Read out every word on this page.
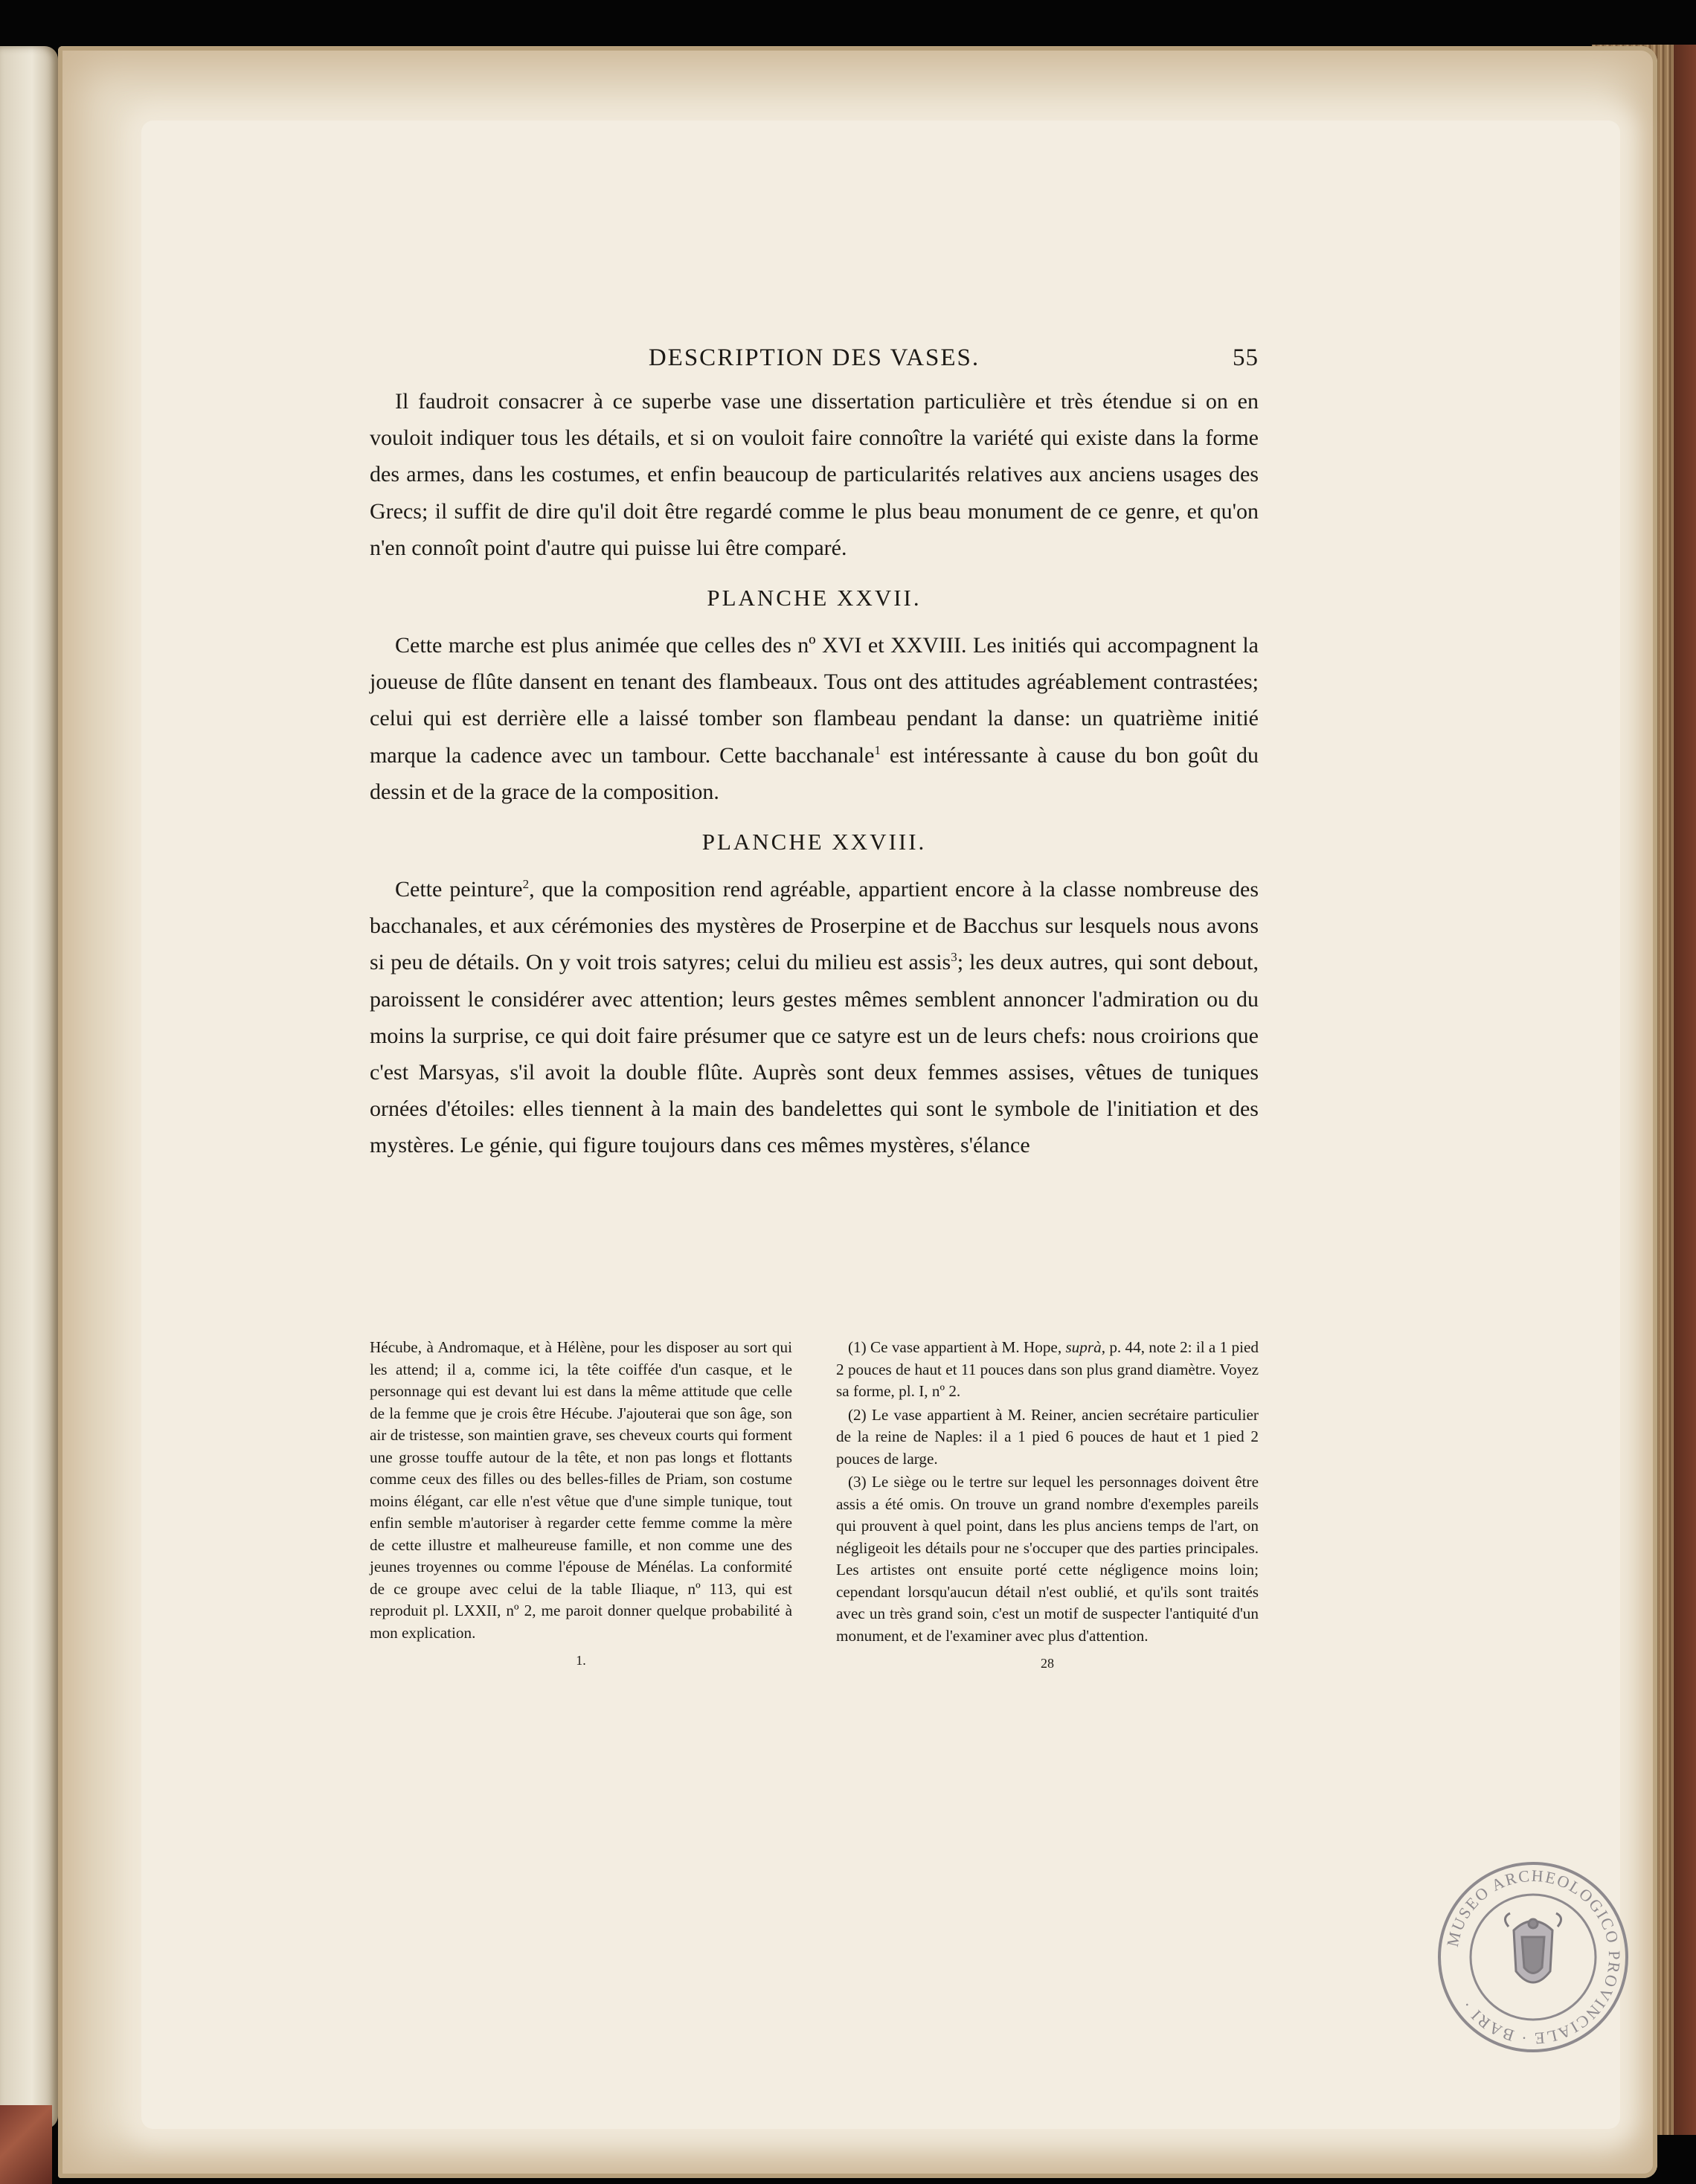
DESCRIPTION DES VASES.	55

Il faudroit consacrer à ce superbe vase une dissertation particulière et très étendue si on en vouloit indiquer tous les détails, et si on vouloit faire connoître la variété qui existe dans la forme des armes, dans les costumes, et enfin beaucoup de particularités relatives aux anciens usages des Grecs; il suffit de dire qu'il doit être regardé comme le plus beau monument de ce genre, et qu'on n'en connoît point d'autre qui puisse lui être comparé.

PLANCHE XXVII.

Cette marche est plus animée que celles des nº XVI et XXVIII. Les initiés qui accompagnent la joueuse de flûte dansent en tenant des flambeaux. Tous ont des attitudes agréablement contrastées; celui qui est derrière elle a laissé tomber son flambeau pendant la danse: un quatrième initié marque la cadence avec un tambour. Cette bacchanale$^1$ est intéressante à cause du bon goût du dessin et de la grace de la composition.

PLANCHE XXVIII.

Cette peinture$^2$, que la composition rend agréable, appartient encore à la classe nombreuse des bacchanales, et aux cérémonies des mystères de Proserpine et de Bacchus sur lesquels nous avons si peu de détails. On y voit trois satyres; celui du milieu est assis$^3$; les deux autres, qui sont debout, paroissent le considérer avec attention; leurs gestes mêmes semblent annoncer l'admiration ou du moins la surprise, ce qui doit faire présumer que ce satyre est un de leurs chefs: nous croirions que c'est Marsyas, s'il avoit la double flûte. Auprès sont deux femmes assises, vêtues de tuniques ornées d'étoiles: elles tiennent à la main des bandelettes qui sont le symbole de l'initiation et des mystères. Le génie, qui figure toujours dans ces mêmes mystères, s'élance

Hécube, à Andromaque, et à Hélène, pour les disposer au sort qui les attend; il a, comme ici, la tête coiffée d'un casque, et le personnage qui est devant lui est dans la même attitude que celle de la femme que je crois être Hécube. J'ajouterai que son âge, son air de tristesse, son maintien grave, ses cheveux courts qui forment une grosse touffe autour de la tête, et non pas longs et flottants comme ceux des filles ou des belles-filles de Priam, son costume moins élégant, car elle n'est vêtue que d'une simple tunique, tout enfin semble m'autoriser à regarder cette femme comme la mère de cette illustre et malheureuse famille, et non comme une des jeunes troyennes ou comme l'épouse de Ménélas. La conformité de ce groupe avec celui de la table Iliaque, nº 113, qui est reproduit pl. LXXII, nº 2, me paroit donner quelque probabilité à mon explication.

1.

(1) Ce vase appartient à M. Hope, suprà, p. 44, note 2: il a 1 pied 2 pouces de haut et 11 pouces dans son plus grand diamètre. Voyez sa forme, pl. I, nº 2.

(2) Le vase appartient à M. Reiner, ancien secrétaire particulier de la reine de Naples: il a 1 pied 6 pouces de haut et 1 pied 2 pouces de large.

(3) Le siège ou le tertre sur lequel les personnages doivent être assis a été omis. On trouve un grand nombre d'exemples pareils qui prouvent à quel point, dans les plus anciens temps de l'art, on négligeoit les détails pour ne s'occuper que des parties principales. Les artistes ont ensuite porté cette négligence moins loin; cependant lorsqu'aucun détail n'est oublié, et qu'ils sont traités avec un très grand soin, c'est un motif de suspecter l'antiquité d'un monument, et de l'examiner avec plus d'attention.

28
MUSEO ARCHEOLOGICO PROVINCIALE · BARI ·
